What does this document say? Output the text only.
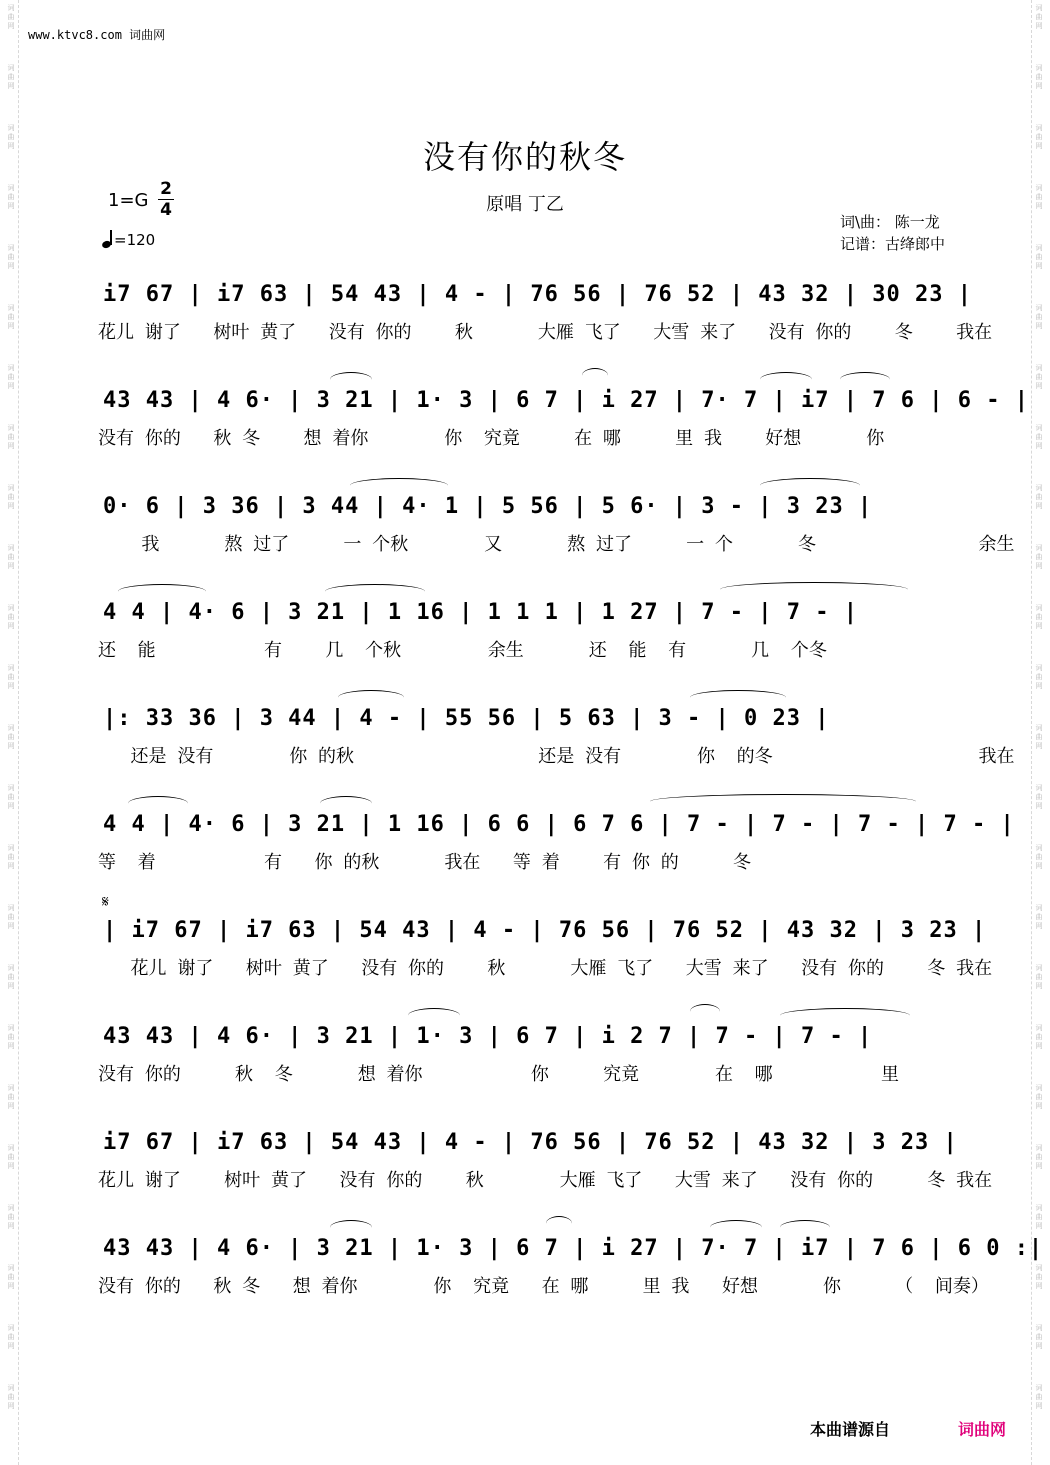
词
曲
网
词
曲
网
词
曲
网
词
曲
网
词
曲
网
词
曲
网
词
曲
网
词
曲
网
词
曲
网
词
曲
网
词
曲
网
词
曲
网
词
曲
网
词
曲
网
词
曲
网
词
曲
网
词
曲
网
词
曲
网
词
曲
网
词
曲
网
词
曲
网
词
曲
网
词
曲
网
词
曲
网
词
曲
网
词
曲
网
词
曲
网
词
曲
网
词
曲
网
词
曲
网
词
曲
网
词
曲
网
词
曲
网
词
曲
网
词
曲
网
词
曲
网
词
曲
网
词
曲
网
词
曲
网
词
曲
网
词
曲
网
词
曲
网
词
曲
网
词
曲
网
词
曲
网
词
曲
网
词
曲
网
词
曲
网
www.ktvc8.com 词曲网
没有你的秋冬
原唱 丁乙
1=G
2
4
=120
词\曲： 陈一龙
记谱：古绛郎中
i7 67 | i7 63 | 54 43 | 4 - | 76 56 | 76 52 | 43 32 | 30 23 |
花儿 谢了   树叶 黄了   没有 你的    秋      大雁 飞了   大雪 来了   没有 你的    冬    我在
43 43 | 4 6· | 3 21 | 1· 3 | 6 7 | i 27 | 7· 7 | i7 | 7 6 | 6 - |
没有 你的   秋 冬    想 着你       你  究竟     在 哪     里 我    好想      你
0· 6 | 3 36 | 3 44 | 4· 1 | 5 56 | 5 6· | 3 - | 3 23 |
我      熬 过了     一 个秋       又      熬 过了     一 个      冬               余生
4 4 | 4· 6 | 3 21 | 1 16 | 1 1 1 | 1 27 | 7 - | 7 - |
还  能          有    几  个秋        余生      还  能  有      几  个冬
|: 33 36 | 3 44 | 4 - | 55 56 | 5 63 | 3 - | 0 23 |
还是 没有       你 的秋                 还是 没有       你  的冬                   我在
4 4 | 4· 6 | 3 21 | 1 16 | 6 6 | 6 7 6 | 7 - | 7 - | 7 - | 7 - |
等  着          有   你 的秋      我在   等 着    有 你 的     冬
𝄋
| i7 67 | i7 63 | 54 43 | 4 - | 76 56 | 76 52 | 43 32 | 3 23 |
花儿 谢了   树叶 黄了   没有 你的    秋      大雁 飞了   大雪 来了   没有 你的    冬 我在
43 43 | 4 6· | 3 21 | 1· 3 | 6 7 | i 2 7 | 7 - | 7 - |
没有 你的     秋  冬      想 着你          你     究竟       在  哪          里
i7 67 | i7 63 | 54 43 | 4 - | 76 56 | 76 52 | 43 32 | 3 23 |
花儿 谢了    树叶 黄了   没有 你的    秋       大雁 飞了   大雪 来了   没有 你的     冬 我在
43 43 | 4 6· | 3 21 | 1· 3 | 6 7 | i 27 | 7· 7 | i7 | 7 6 | 6 0 :|
没有 你的   秋 冬   想 着你       你  究竟   在 哪     里 我   好想      你     （  间奏）
本曲谱源自	词曲网
